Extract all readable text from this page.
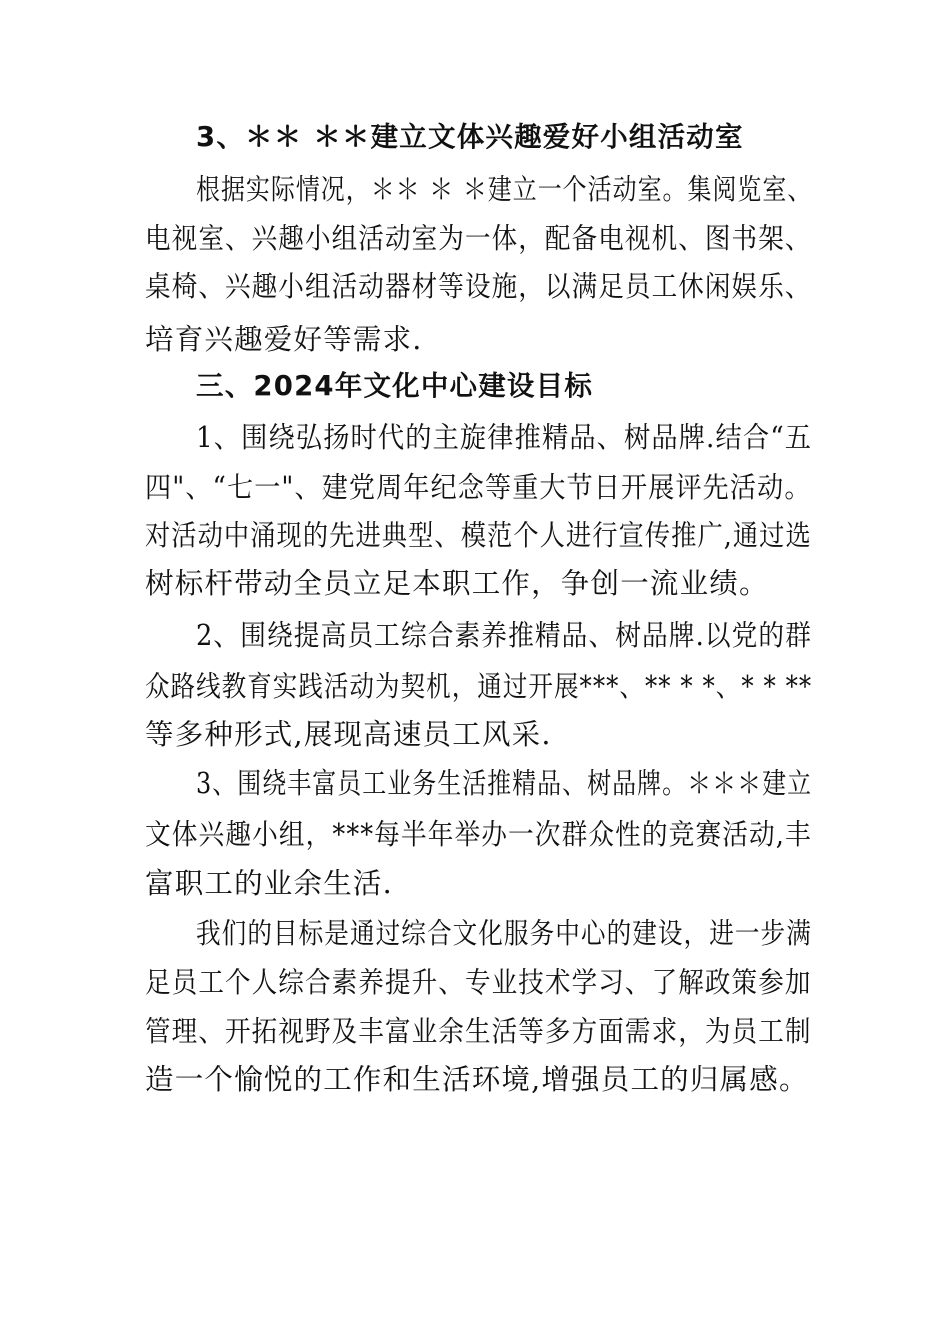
3、＊＊ ＊＊建立文体兴趣爱好小组活动室
根据实际情况，＊＊ ＊ ＊建立一个活动室。集阅览室、
电视室、兴趣小组活动室为一体，配备电视机、图书架、
桌椅、兴趣小组活动器材等设施，以满足员工休闲娱乐、
培育兴趣爱好等需求.
三、2024年文化中心建设目标
1、围绕弘扬时代的主旋律推精品、树品牌.结合“五
四"、“七一"、建党周年纪念等重大节日开展评先活动。
对活动中涌现的先进典型、模范个人进行宣传推广,通过选
树标杆带动全员立足本职工作，争创一流业绩。
2、围绕提高员工综合素养推精品、树品牌.以党的群
众路线教育实践活动为契机，通过开展***、** * *、* * **
等多种形式,展现高速员工风采.
3、围绕丰富员工业务生活推精品、树品牌。＊＊＊建立
文体兴趣小组，***每半年举办一次群众性的竞赛活动,丰
富职工的业余生活.
我们的目标是通过综合文化服务中心的建设，进一步满
足员工个人综合素养提升、专业技术学习、了解政策参加
管理、开拓视野及丰富业余生活等多方面需求，为员工制
造一个愉悦的工作和生活环境,增强员工的归属感。
